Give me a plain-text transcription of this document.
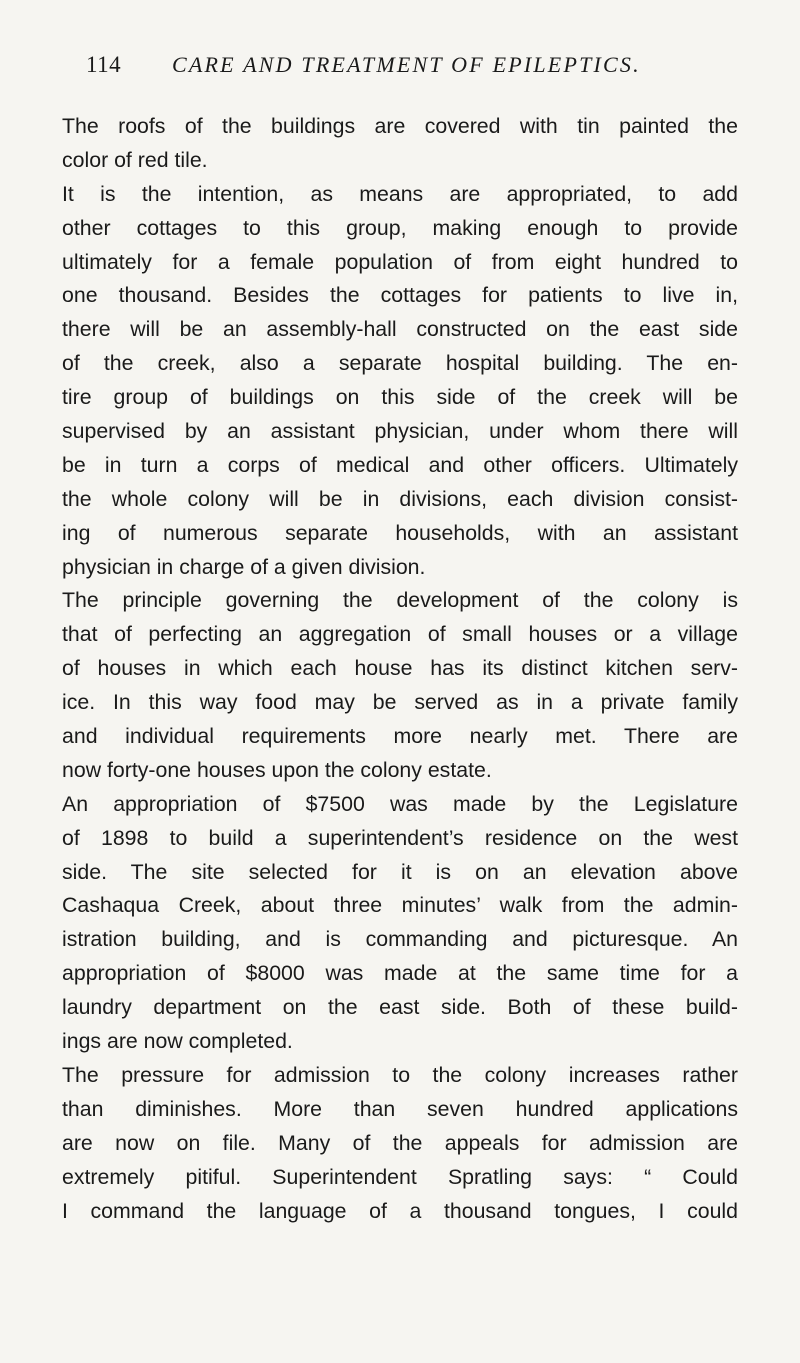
114	CARE AND TREATMENT OF EPILEPTICS.
The roofs of the buildings are covered with tin painted the
color of red tile.
It is the intention, as means are appropriated, to add
other cottages to this group, making enough to provide
ultimately for a female population of from eight hundred to
one thousand. Besides the cottages for patients to live in,
there will be an assembly-hall constructed on the east side
of the creek, also a separate hospital building. The en-
tire group of buildings on this side of the creek will be
supervised by an assistant physician, under whom there will
be in turn a corps of medical and other officers. Ultimately
the whole colony will be in divisions, each division consist-
ing of numerous separate households, with an assistant
physician in charge of a given division.
The principle governing the development of the colony is
that of perfecting an aggregation of small houses or a village
of houses in which each house has its distinct kitchen serv-
ice. In this way food may be served as in a private family
and individual requirements more nearly met. There are
now forty-one houses upon the colony estate.
An appropriation of $7500 was made by the Legislature
of 1898 to build a superintendent’s residence on the west
side. The site selected for it is on an elevation above
Cashaqua Creek, about three minutes’ walk from the admin-
istration building, and is commanding and picturesque. An
appropriation of $8000 was made at the same time for a
laundry department on the east side. Both of these build-
ings are now completed.
The pressure for admission to the colony increases rather
than diminishes. More than seven hundred applications
are now on file. Many of the appeals for admission are
extremely pitiful. Superintendent Spratling says: “ Could
I command the language of a thousand tongues, I could
